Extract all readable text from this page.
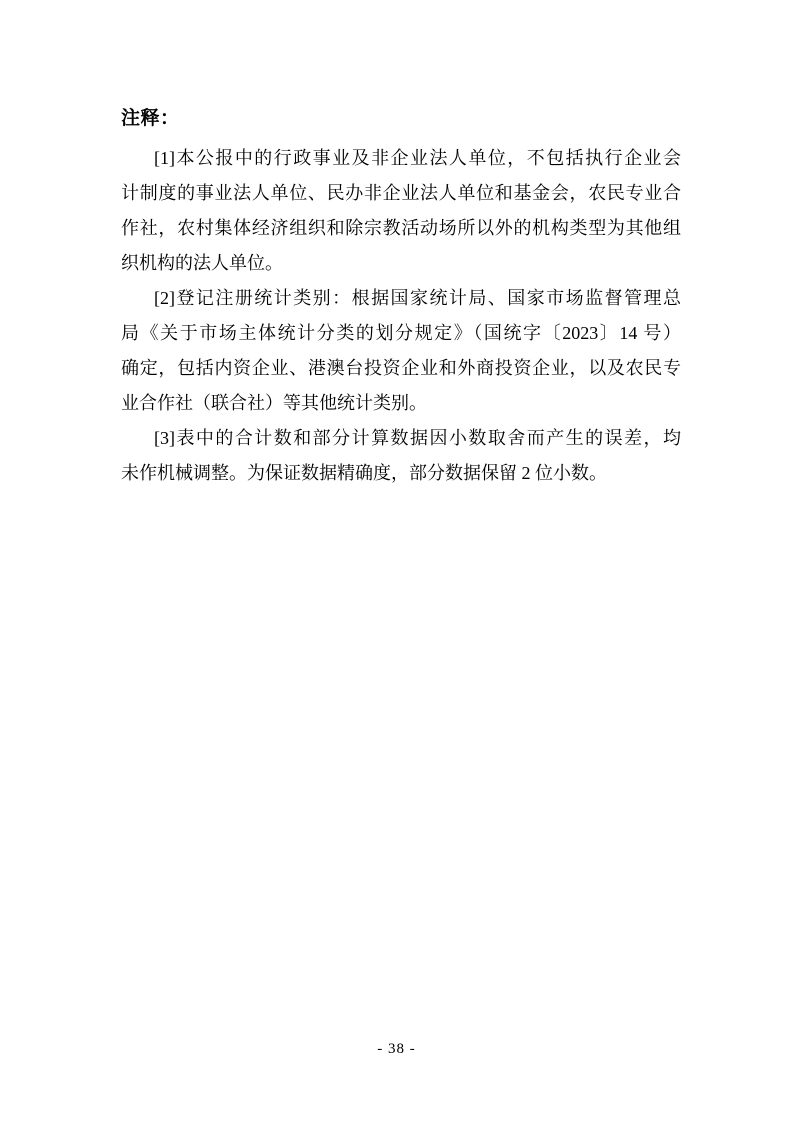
注释：
[1]本公报中的行政事业及非企业法人单位，不包括执行企业会
计制度的事业法人单位、民办非企业法人单位和基金会，农民专业合
作社，农村集体经济组织和除宗教活动场所以外的机构类型为其他组
织机构的法人单位。
[2]登记注册统计类别：根据国家统计局、国家市场监督管理总
局《关于市场主体统计分类的划分规定》（国统字〔2023〕14 号）
确定，包括内资企业、港澳台投资企业和外商投资企业，以及农民专
业合作社（联合社）等其他统计类别。
[3]表中的合计数和部分计算数据因小数取舍而产生的误差，均
未作机械调整。为保证数据精确度，部分数据保留 2 位小数。
- 38 -
